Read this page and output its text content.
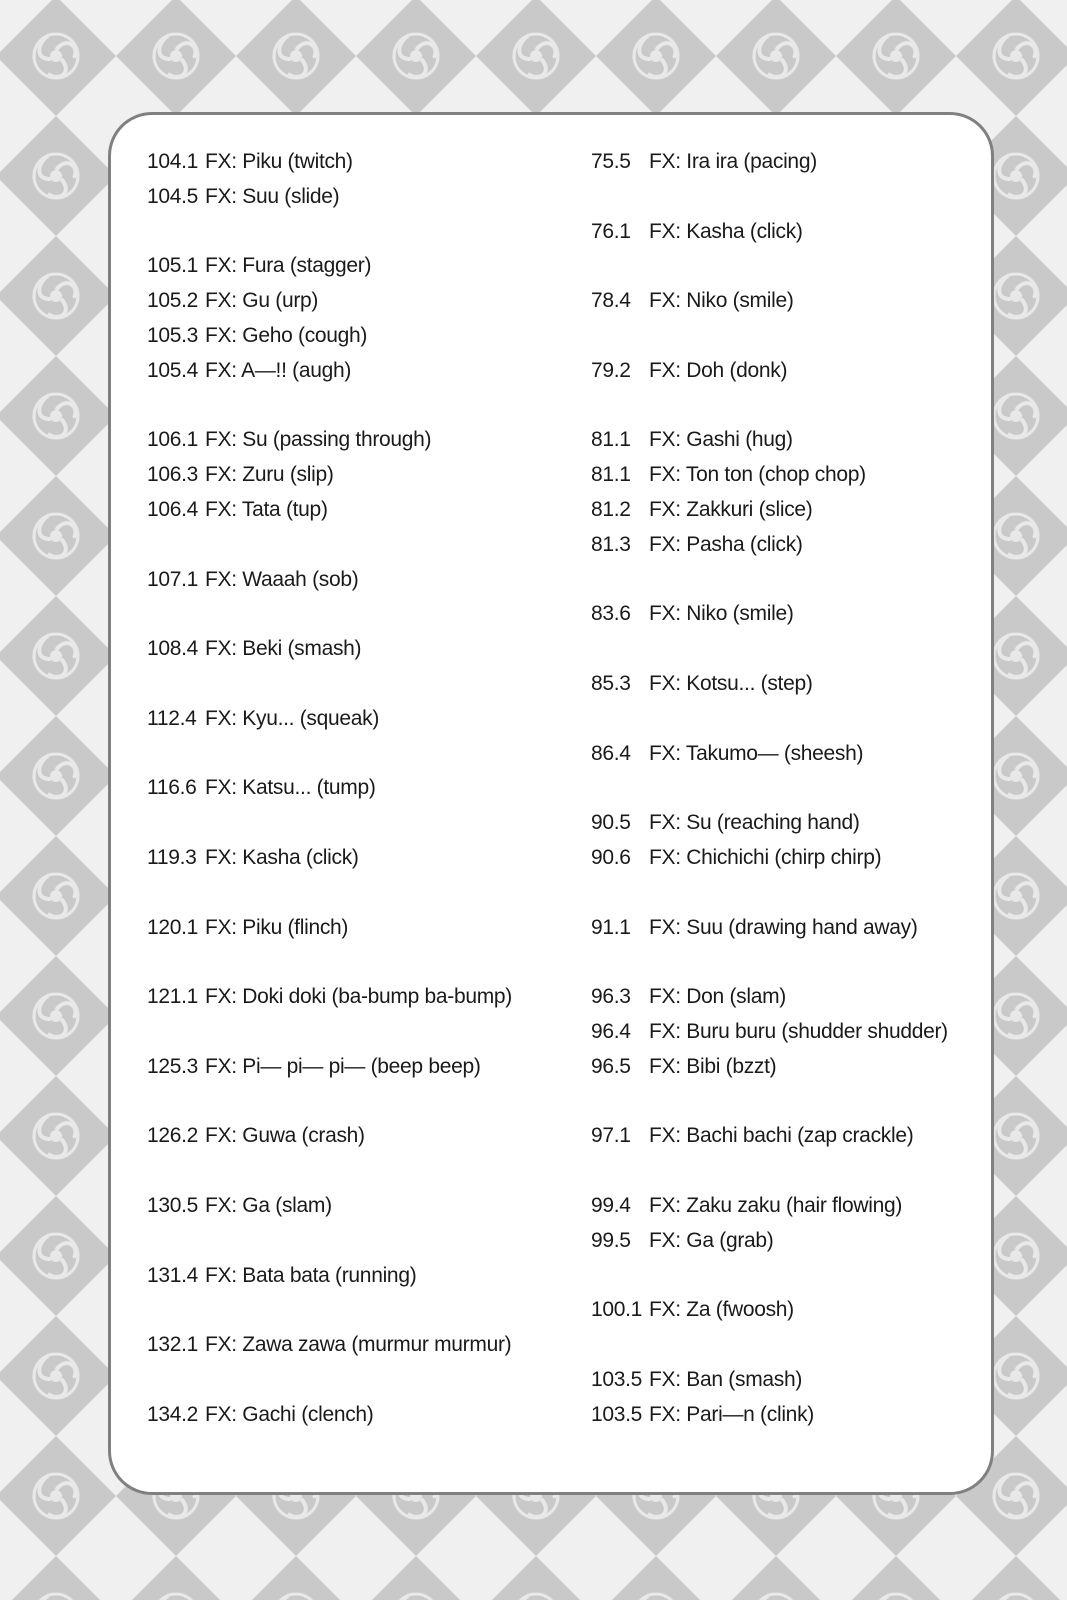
104.1 FX: Piku (twitch)
104.5 FX: Suu (slide)
105.1 FX: Fura (stagger)
105.2 FX: Gu (urp)
105.3 FX: Geho (cough)
105.4 FX: A—!! (augh)
106.1 FX: Su (passing through)
106.3 FX: Zuru (slip)
106.4 FX: Tata (tup)
107.1 FX: Waaah (sob)
108.4 FX: Beki (smash)
112.4 FX: Kyu... (squeak)
116.6 FX: Katsu... (tump)
119.3 FX: Kasha (click)
120.1 FX: Piku (flinch)
121.1 FX: Doki doki (ba-bump ba-bump)
125.3 FX: Pi— pi— pi— (beep beep)
126.2 FX: Guwa (crash)
130.5 FX: Ga (slam)
131.4 FX: Bata bata (running)
132.1 FX: Zawa zawa (murmur murmur)
134.2 FX: Gachi (clench)
75.5 FX: Ira ira (pacing)
76.1 FX: Kasha (click)
78.4 FX: Niko (smile)
79.2 FX: Doh (donk)
81.1 FX: Gashi (hug)
81.1 FX: Ton ton (chop chop)
81.2 FX: Zakkuri (slice)
81.3 FX: Pasha (click)
83.6 FX: Niko (smile)
85.3 FX: Kotsu... (step)
86.4 FX: Takumo— (sheesh)
90.5 FX: Su (reaching hand)
90.6 FX: Chichichi (chirp chirp)
91.1 FX: Suu (drawing hand away)
96.3 FX: Don (slam)
96.4 FX: Buru buru (shudder shudder)
96.5 FX: Bibi (bzzt)
97.1 FX: Bachi bachi (zap crackle)
99.4 FX: Zaku zaku (hair flowing)
99.5 FX: Ga (grab)
100.1 FX: Za (fwoosh)
103.5 FX: Ban (smash)
103.5 FX: Pari—n (clink)
